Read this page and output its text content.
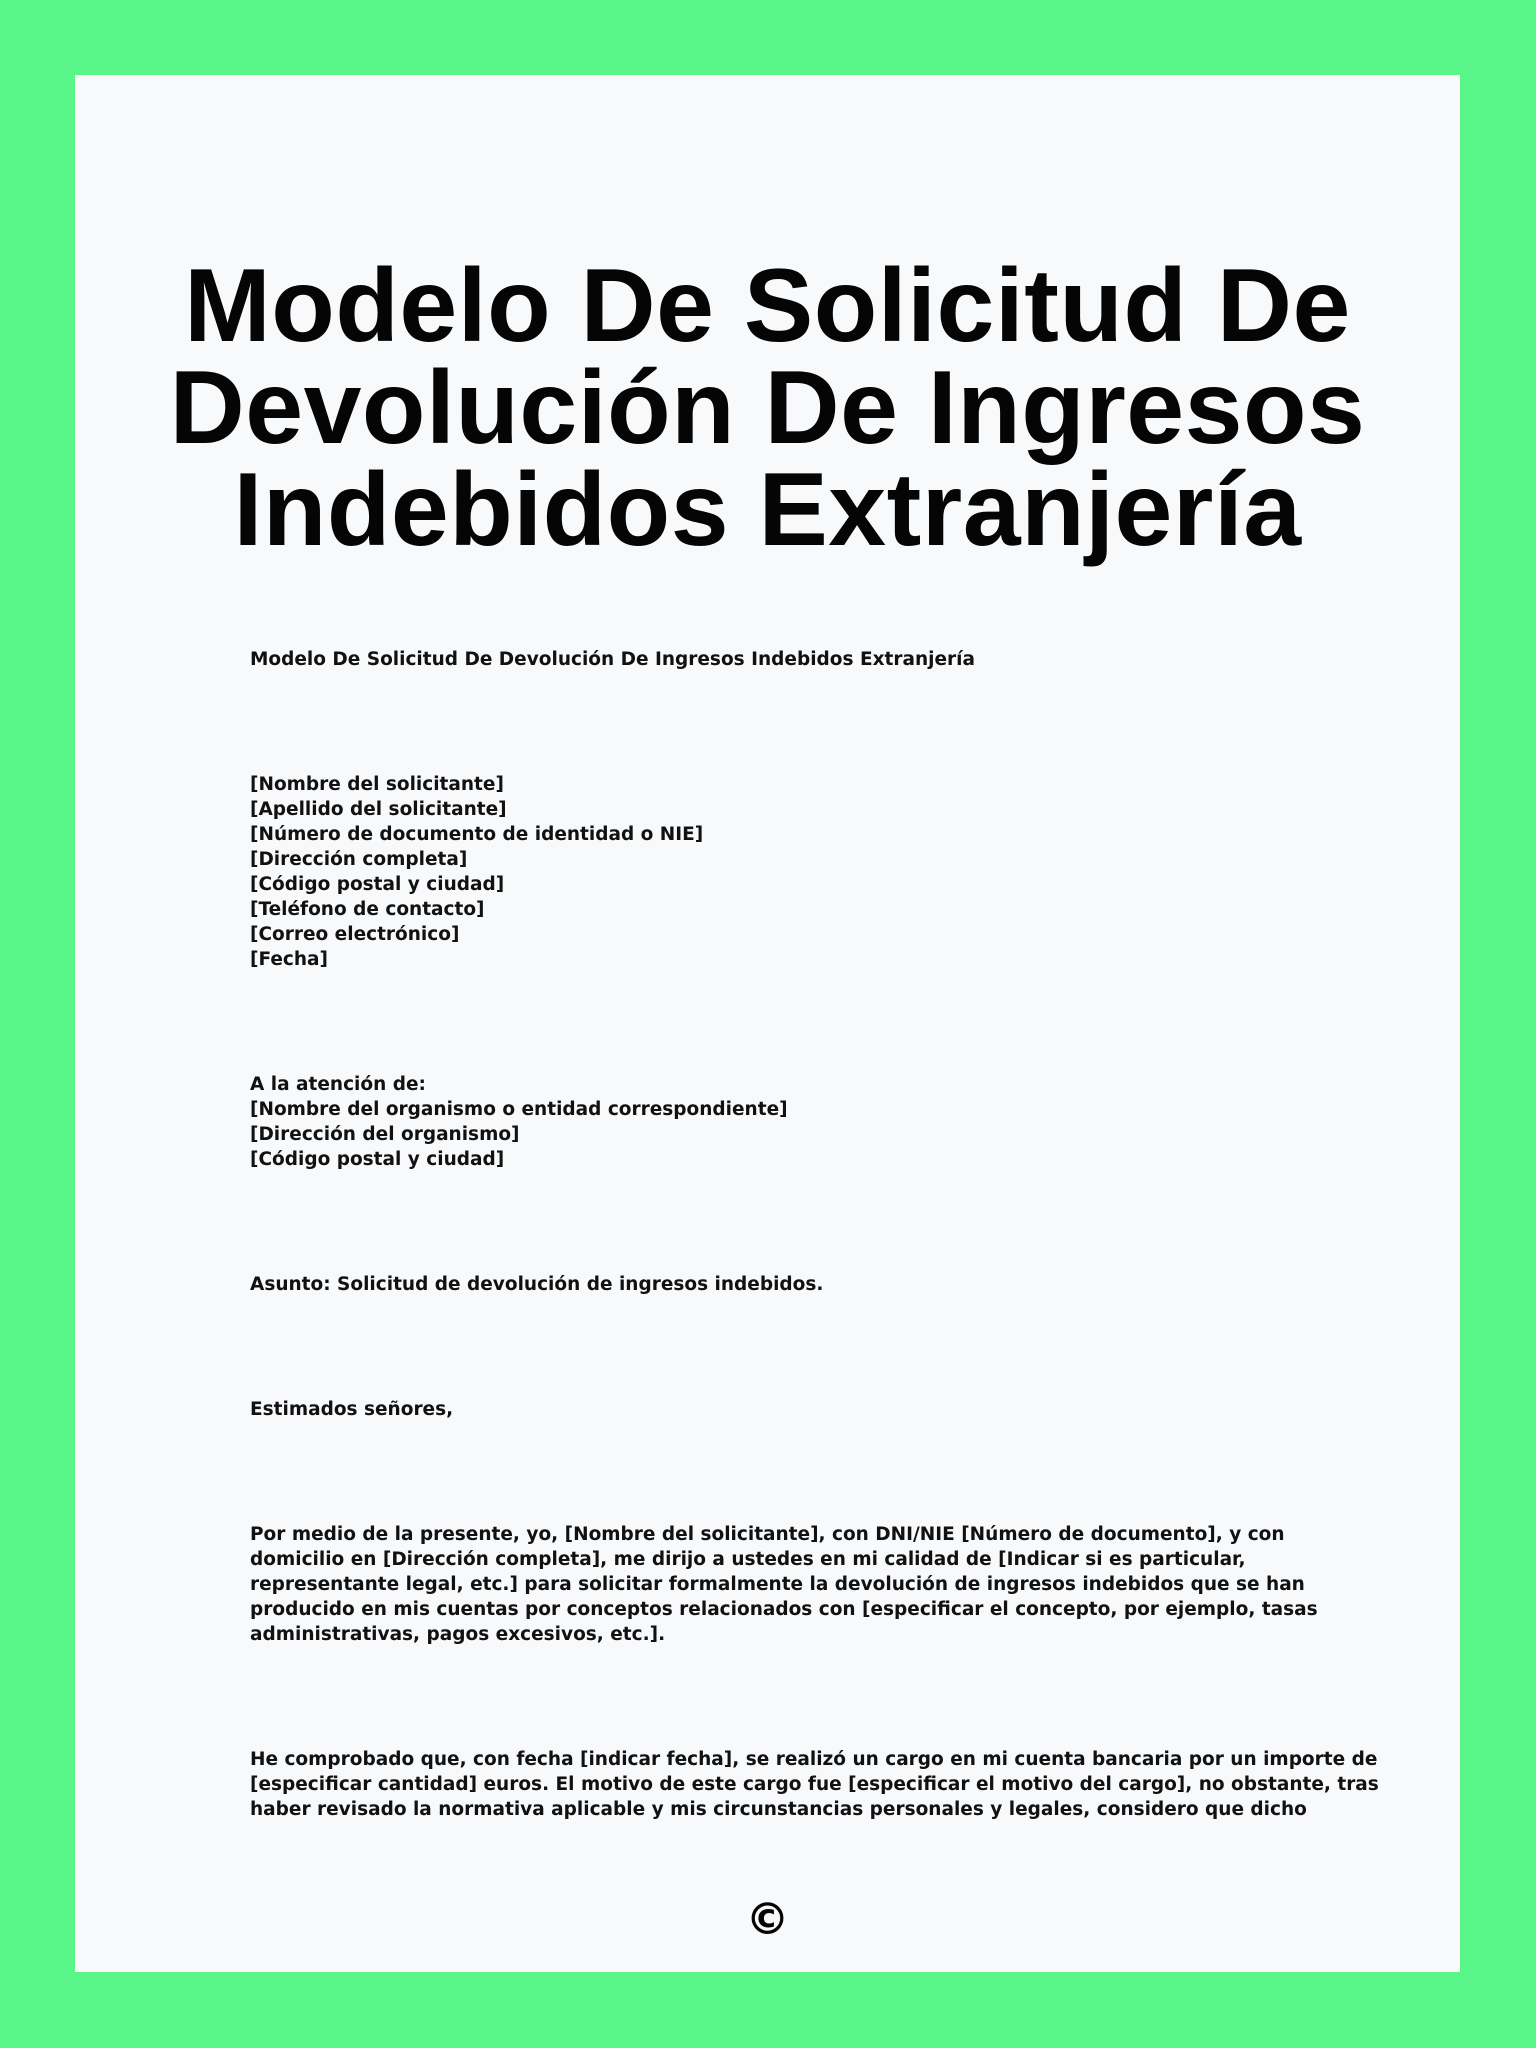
Modelo De Solicitud De
Devolución De Ingresos
Indebidos Extranjería
Modelo De Solicitud De Devolución De Ingresos Indebidos Extranjería
[Nombre del solicitante]
[Apellido del solicitante]
[Número de documento de identidad o NIE]
[Dirección completa]
[Código postal y ciudad]
[Teléfono de contacto]
[Correo electrónico]
[Fecha]
A la atención de:
[Nombre del organismo o entidad correspondiente]
[Dirección del organismo]
[Código postal y ciudad]
Asunto: Solicitud de devolución de ingresos indebidos.
Estimados señores,
Por medio de la presente, yo, [Nombre del solicitante], con DNI/NIE [Número de documento], y con
domicilio en [Dirección completa], me dirijo a ustedes en mi calidad de [Indicar si es particular,
representante legal, etc.] para solicitar formalmente la devolución de ingresos indebidos que se han
producido en mis cuentas por conceptos relacionados con [especificar el concepto, por ejemplo, tasas
administrativas, pagos excesivos, etc.].
He comprobado que, con fecha [indicar fecha], se realizó un cargo en mi cuenta bancaria por un importe de
[especificar cantidad] euros. El motivo de este cargo fue [especificar el motivo del cargo], no obstante, tras
haber revisado la normativa aplicable y mis circunstancias personales y legales, considero que dicho
©
